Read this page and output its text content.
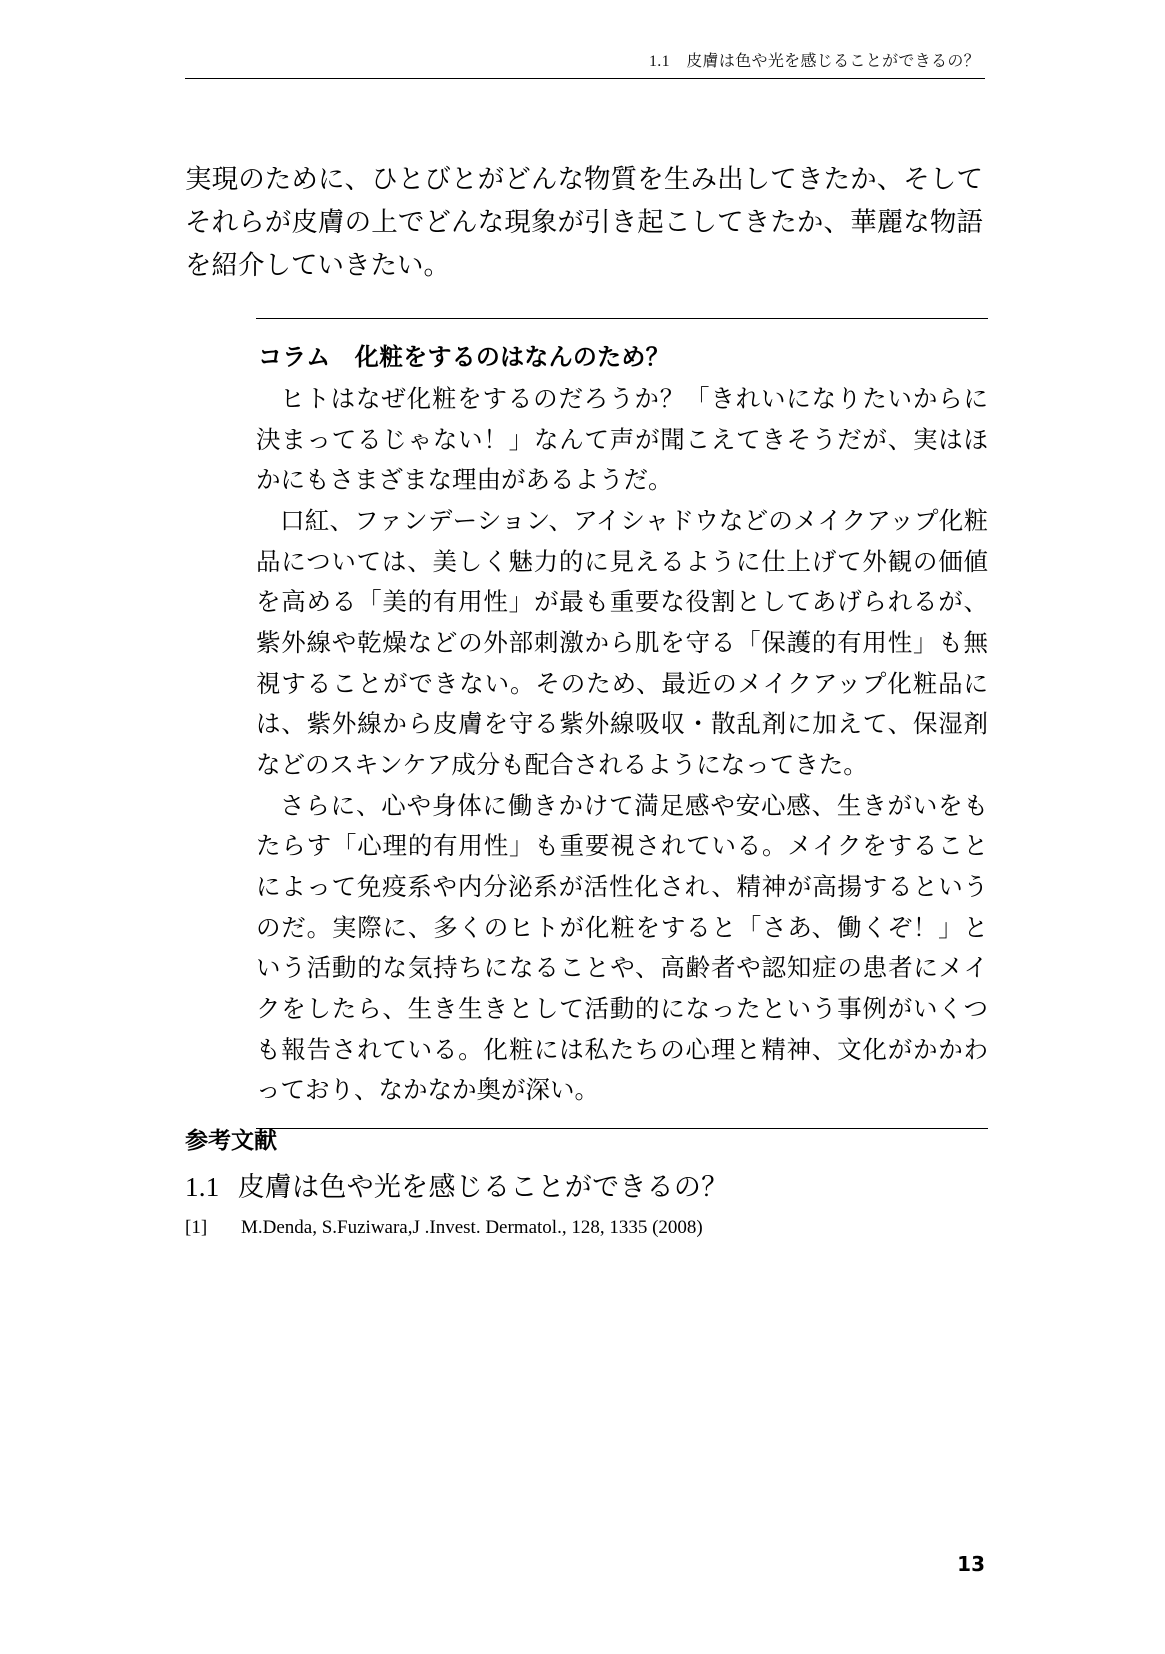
1.1　皮膚は色や光を感じることができるの？
実現のために、ひとびとがどんな物質を生み出してきたか、そしてそれらが皮膚の上でどんな現象が引き起こしてきたか、華麗な物語を紹介していきたい。
コラム　化粧をするのはなんのため？

ヒトはなぜ化粧をするのだろうか？「きれいになりたいからに決まってるじゃない！」なんて声が聞こえてきそうだが、実はほかにもさまざまな理由があるようだ。

口紅、ファンデーション、アイシャドウなどのメイクアップ化粧品については、美しく魅力的に見えるように仕上げて外観の価値を高める「美的有用性」が最も重要な役割としてあげられるが、紫外線や乾燥などの外部刺激から肌を守る「保護的有用性」も無視することができない。そのため、最近のメイクアップ化粧品には、紫外線から皮膚を守る紫外線吸収・散乱剤に加えて、保湿剤などのスキンケア成分も配合されるようになってきた。

さらに、心や身体に働きかけて満足感や安心感、生きがいをもたらす「心理的有用性」も重要視されている。メイクをすることによって免疫系や内分泌系が活性化され、精神が高揚するというのだ。実際に、多くのヒトが化粧をすると「さあ、働くぞ！」という活動的な気持ちになることや、高齢者や認知症の患者にメイクをしたら、生き生きとして活動的になったという事例がいくつも報告されている。化粧には私たちの心理と精神、文化がかかわっており、なかなか奥が深い。

参考文献
1.1 皮膚は色や光を感じることができるの？
[1]	M.Denda, S.Fuziwara,J .Invest. Dermatol., 128, 1335 (2008)
13
